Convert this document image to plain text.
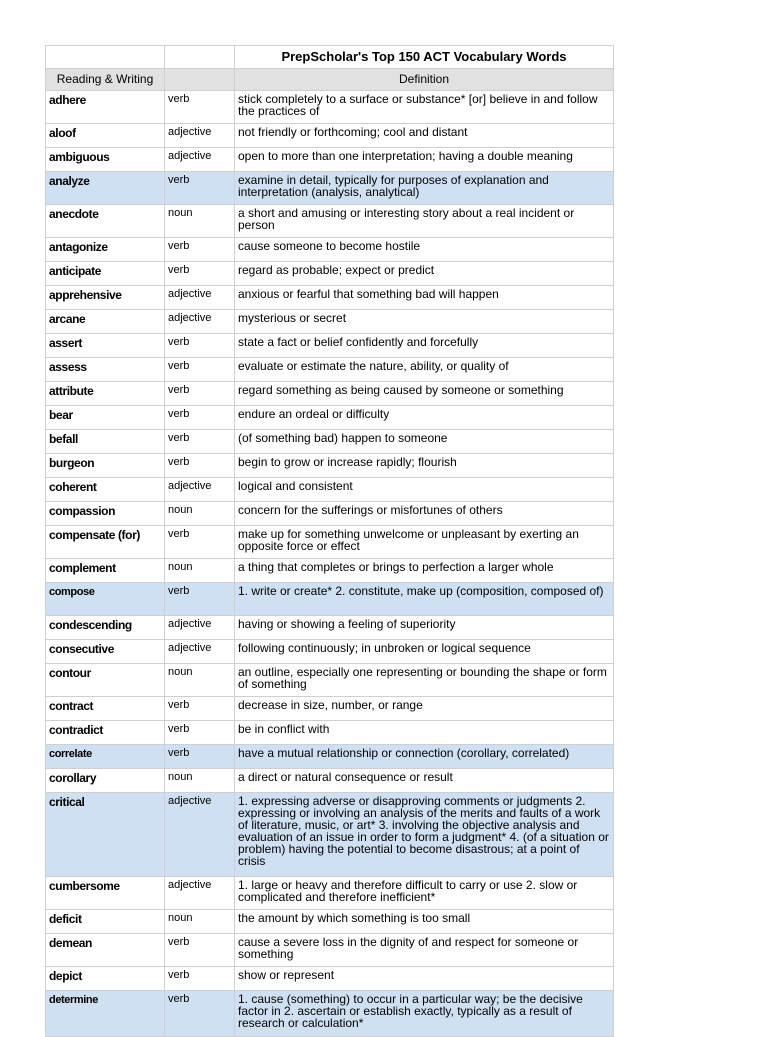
		PrepScholar's Top 150 ACT Vocabulary Words
Reading & Writing		Definition
adhere	verb	stick completely to a surface or substance* [or] believe in and follow the practices of
aloof	adjective	not friendly or forthcoming; cool and distant
ambiguous	adjective	open to more than one interpretation; having a double meaning
analyze	verb	examine in detail, typically for purposes of explanation and interpretation (analysis, analytical)
anecdote	noun	a short and amusing or interesting story about a real incident or person
antagonize	verb	cause someone to become hostile
anticipate	verb	regard as probable; expect or predict
apprehensive	adjective	anxious or fearful that something bad will happen
arcane	adjective	mysterious or secret
assert	verb	state a fact or belief confidently and forcefully
assess	verb	evaluate or estimate the nature, ability, or quality of
attribute	verb	regard something as being caused by someone or something
bear	verb	endure an ordeal or difficulty
befall	verb	(of something bad) happen to someone
burgeon	verb	begin to grow or increase rapidly; flourish
coherent	adjective	logical and consistent
compassion	noun	concern for the sufferings or misfortunes of others
compensate (for)	verb	make up for something unwelcome or unpleasant by exerting an opposite force or effect
complement	noun	a thing that completes or brings to perfection a larger whole
compose	verb	1. write or create* 2. constitute, make up (composition, composed of)
condescending	adjective	having or showing a feeling of superiority
consecutive	adjective	following continuously; in unbroken or logical sequence
contour	noun	an outline, especially one representing or bounding the shape or form of something
contract	verb	decrease in size, number, or range
contradict	verb	be in conflict with
correlate	verb	have a mutual relationship or connection (corollary, correlated)
corollary	noun	a direct or natural consequence or result
critical	adjective	1. expressing adverse or disapproving comments or judgments 2. expressing or involving an analysis of the merits and faults of a work of literature, music, or art* 3. involving the objective analysis and evaluation of an issue in order to form a judgment* 4. (of a situation or problem) having the potential to become disastrous; at a point of crisis
cumbersome	adjective	1. large or heavy and therefore difficult to carry or use 2. slow or complicated and therefore inefficient*
deficit	noun	the amount by which something is too small
demean	verb	cause a severe loss in the dignity of and respect for someone or something
depict	verb	show or represent
determine	verb	1. cause (something) to occur in a particular way; be the decisive factor in 2. ascertain or establish exactly, typically as a result of research or calculation*
